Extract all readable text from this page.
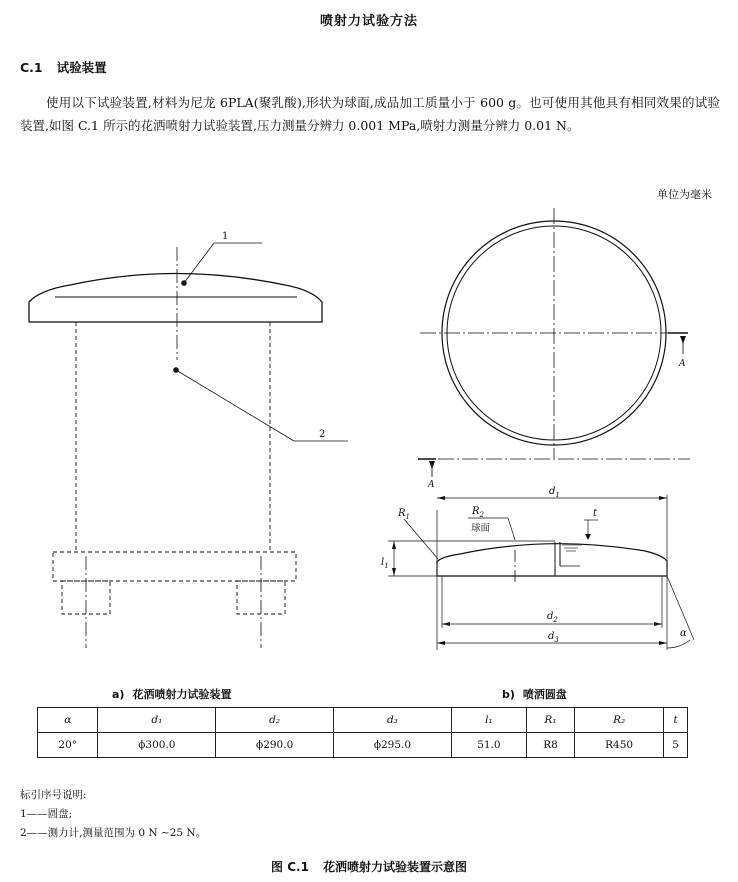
喷射力试验方法
C.1 试验装置
使用以下试验装置,材料为尼龙 6PLA(聚乳酸),形状为球面,成品加工质量小于 600 g。也可使用其他具有相同效果的试验装置,如图 C.1 所示的花洒喷射力试验装置,压力测量分辨力 0.001 MPa,喷射力测量分辨力 0.01 N。
单位为毫米
1
2
A
A
$d_1$
$R_1$	$R_2$
球面
t
$l_1$
$d_2$
$d_3$
α
a) 花洒喷射力试验装置	b) 喷洒圆盘
α	d₁	d₂	d₃	l₁	R₁	R₂	t
20°	ϕ300.0	ϕ290.0	ϕ295.0	51.0	R8	R450	5
标引序号说明:
1——圆盘;
2——测力计,测量范围为 0 N ~25 N。
图 C.1 花洒喷射力试验装置示意图
